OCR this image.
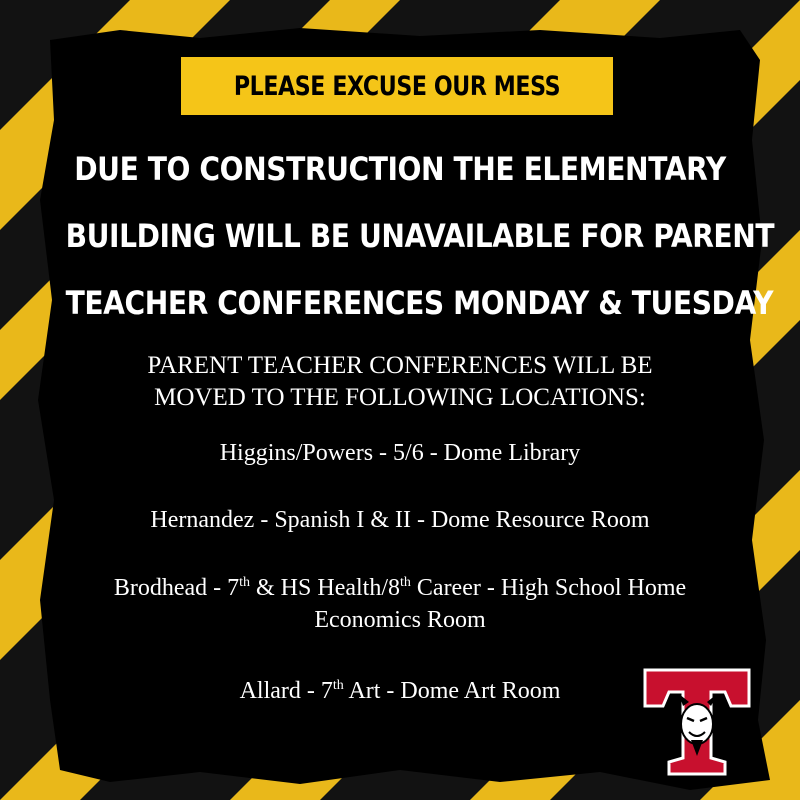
PLEASE EXCUSE OUR MESS
DUE TO CONSTRUCTION THE ELEMENTARY
BUILDING WILL BE UNAVAILABLE FOR PARENT
TEACHER CONFERENCES MONDAY & TUESDAY
PARENT TEACHER CONFERENCES WILL BE
MOVED TO THE FOLLOWING LOCATIONS:
Higgins/Powers - 5/6 - Dome Library
Hernandez - Spanish I & II - Dome Resource Room
Brodhead - 7th & HS Health/8th Career - High School Home
Economics Room
Allard - 7th Art - Dome Art Room
